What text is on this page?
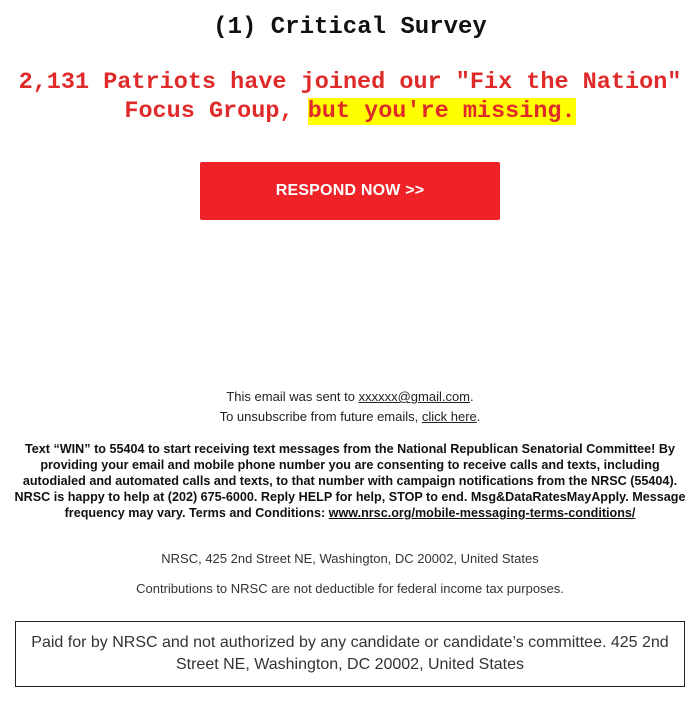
(1) Critical Survey
2,131 Patriots have joined our "Fix the Nation" Focus Group, but you're missing.
RESPOND NOW >>
This email was sent to xxxxxx@gmail.com.
To unsubscribe from future emails, click here.
Text “WIN” to 55404 to start receiving text messages from the National Republican Senatorial Committee! By providing your email and mobile phone number you are consenting to receive calls and texts, including autodialed and automated calls and texts, to that number with campaign notifications from the NRSC (55404). NRSC is happy to help at (202) 675-6000. Reply HELP for help, STOP to end. Msg&DataRatesMayApply. Message frequency may vary. Terms and Conditions: www.nrsc.org/mobile-messaging-terms-conditions/
NRSC, 425 2nd Street NE, Washington, DC 20002, United States
Contributions to NRSC are not deductible for federal income tax purposes.
Paid for by NRSC and not authorized by any candidate or candidate’s committee. 425 2nd Street NE, Washington, DC 20002, United States
